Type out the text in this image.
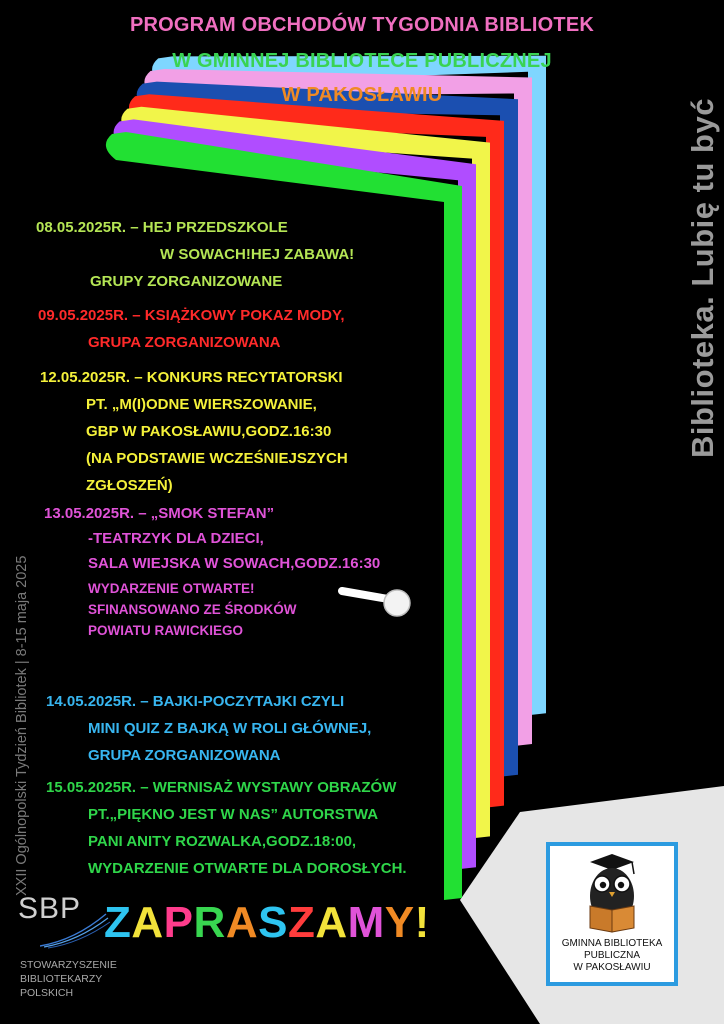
PROGRAM OBCHODÓW TYGODNIA BIBLIOTEK
W GMINNEJ BIBLIOTECE PUBLICZNEJ
W PAKOSŁAWIU
Biblioteka. Lubię tu być
XXII Ogólnopolski Tydzień Bibliotek | 8-15 maja 2025
08.05.2025R. – HEJ PRZEDSZKOLE
W SOWACH!HEJ ZABAWA!
GRUPY ZORGANIZOWANE
09.05.2025R. – KSIĄŻKOWY POKAZ MODY,
GRUPA ZORGANIZOWANA
12.05.2025R. – KONKURS RECYTATORSKI
PT. „M(I)ODNE WIERSZOWANIE,
GBP W PAKOSŁAWIU,GODZ.16:30
(NA PODSTAWIE WCZEŚNIEJSZYCH
ZGŁOSZEŃ)
13.05.2025R. – „SMOK STEFAN”
-TEATRZYK DLA DZIECI,
SALA WIEJSKA W SOWACH,GODZ.16:30
WYDARZENIE OTWARTE!
SFINANSOWANO ZE ŚRODKÓW
POWIATU RAWICKIEGO
14.05.2025R. – BAJKI-POCZYTAJKI CZYLI
MINI QUIZ Z BAJKĄ W ROLI GŁÓWNEJ,
GRUPA ZORGANIZOWANA
15.05.2025R. – WERNISAŻ WYSTAWY OBRAZÓW
PT.„PIĘKNO JEST W NAS” AUTORSTWA
PANI ANITY ROZWALKA,GODZ.18:00,
WYDARZENIE OTWARTE DLA DOROSŁYCH.
SBP
STOWARZYSZENIE
BIBLIOTEKARZY
POLSKICH
ZAPRASZAMY!	GMINNA BIBLIOTEKA
PUBLICZNA
W PAKOSŁAWIU
